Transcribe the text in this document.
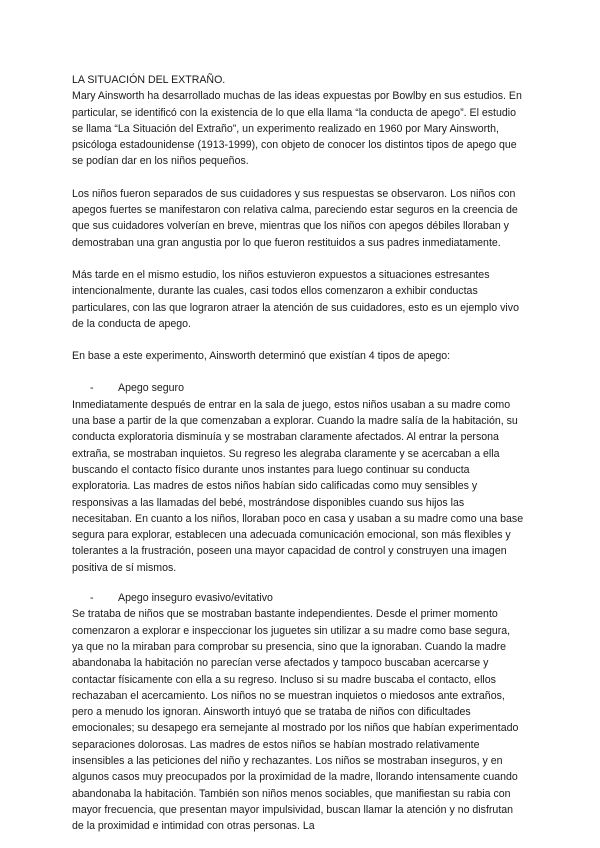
LA SITUACIÓN DEL EXTRAÑO.

Mary Ainsworth ha desarrollado muchas de las ideas expuestas por Bowlby en sus estudios. En particular, se identificó con la existencia de lo que ella llama “la conducta de apego”. El estudio se llama “La Situación del Extraño”, un experimento realizado en 1960 por Mary Ainsworth, psicóloga estadounidense (1913-1999), con objeto de conocer los distintos tipos de apego que se podían dar en los niños pequeños.

Los niños fueron separados de sus cuidadores y sus respuestas se observaron. Los niños con apegos fuertes se manifestaron con relativa calma, pareciendo estar seguros en la creencia de que sus cuidadores volverían en breve, mientras que los niños con apegos débiles lloraban y demostraban una gran angustia por lo que fueron restituidos a sus padres inmediatamente.

Más tarde en el mismo estudio, los niños estuvieron expuestos a situaciones estresantes intencionalmente, durante las cuales, casi todos ellos comenzaron a exhibir conductas particulares, con las que lograron atraer la atención de sus cuidadores, esto es un ejemplo vivo de la conducta de apego.

En base a este experimento, Ainsworth determinó que existían 4 tipos de apego:

- Apego seguro

Inmediatamente después de entrar en la sala de juego, estos niños usaban a su madre como una base a partir de la que comenzaban a explorar. Cuando la madre salía de la habitación, su conducta exploratoria disminuía y se mostraban claramente afectados. Al entrar la persona extraña, se mostraban inquietos. Su regreso les alegraba claramente y se acercaban a ella buscando el contacto físico durante unos instantes para luego continuar su conducta exploratoria. Las madres de estos niños habían sido calificadas como muy sensibles y responsivas a las llamadas del bebé, mostrándose disponibles cuando sus hijos las necesitaban. En cuanto a los niños, lloraban poco en casa y usaban a su madre como una base segura para explorar, establecen una adecuada comunicación emocional, son más flexibles y tolerantes a la frustración, poseen una mayor capacidad de control y construyen una imagen positiva de sí mismos.

- Apego inseguro evasivo/evitativo

Se trataba de niños que se mostraban bastante independientes. Desde el primer momento comenzaron a explorar e inspeccionar los juguetes sin utilizar a su madre como base segura, ya que no la miraban para comprobar su presencia, sino que la ignoraban. Cuando la madre abandonaba la habitación no parecían verse afectados y tampoco buscaban acercarse y contactar físicamente con ella a su regreso. Incluso si su madre buscaba el contacto, ellos rechazaban el acercamiento. Los niños no se muestran inquietos o miedosos ante extraños, pero a menudo los ignoran. Ainsworth intuyó que se trataba de niños con dificultades emocionales; su desapego era semejante al mostrado por los niños que habían experimentado separaciones dolorosas. Las madres de estos niños se habían mostrado relativamente insensibles a las peticiones del niño y rechazantes. Los niños se mostraban inseguros, y en algunos casos muy preocupados por la proximidad de la madre, llorando intensamente cuando abandonaba la habitación. También son niños menos sociables, que manifiestan su rabia con mayor frecuencia, que presentan mayor impulsividad, buscan llamar la atención y no disfrutan de la proximidad e intimidad con otras personas. La
